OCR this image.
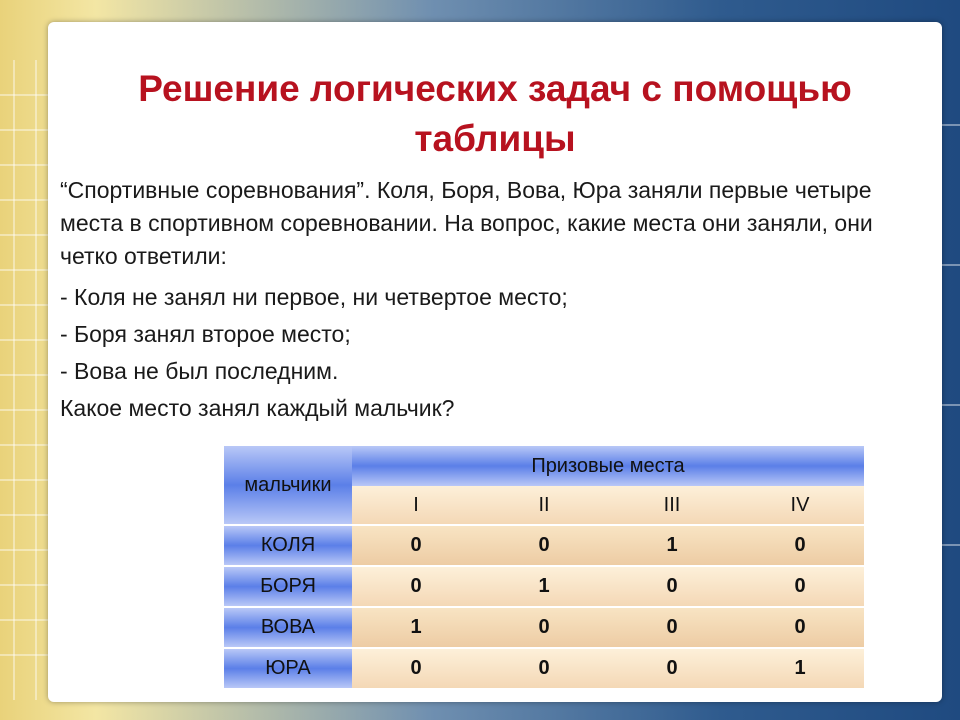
Решение логических задач с помощью
таблицы

“Спортивные соревнования”. Коля, Боря, Вова, Юра заняли первые четыре места в спортивном соревновании. На вопрос, какие места они заняли, они четко ответили:

- Коля не занял ни первое, ни четвертое место;

- Боря занял второе место;

- Вова не был последним.

Какое место занял каждый мальчик?

мальчики	Призовые места			
	I	II	III	IV
КОЛЯ	0	0	1	0
БОРЯ	0	1	0	0
ВОВА	1	0	0	0
ЮРА	0	0	0	1
